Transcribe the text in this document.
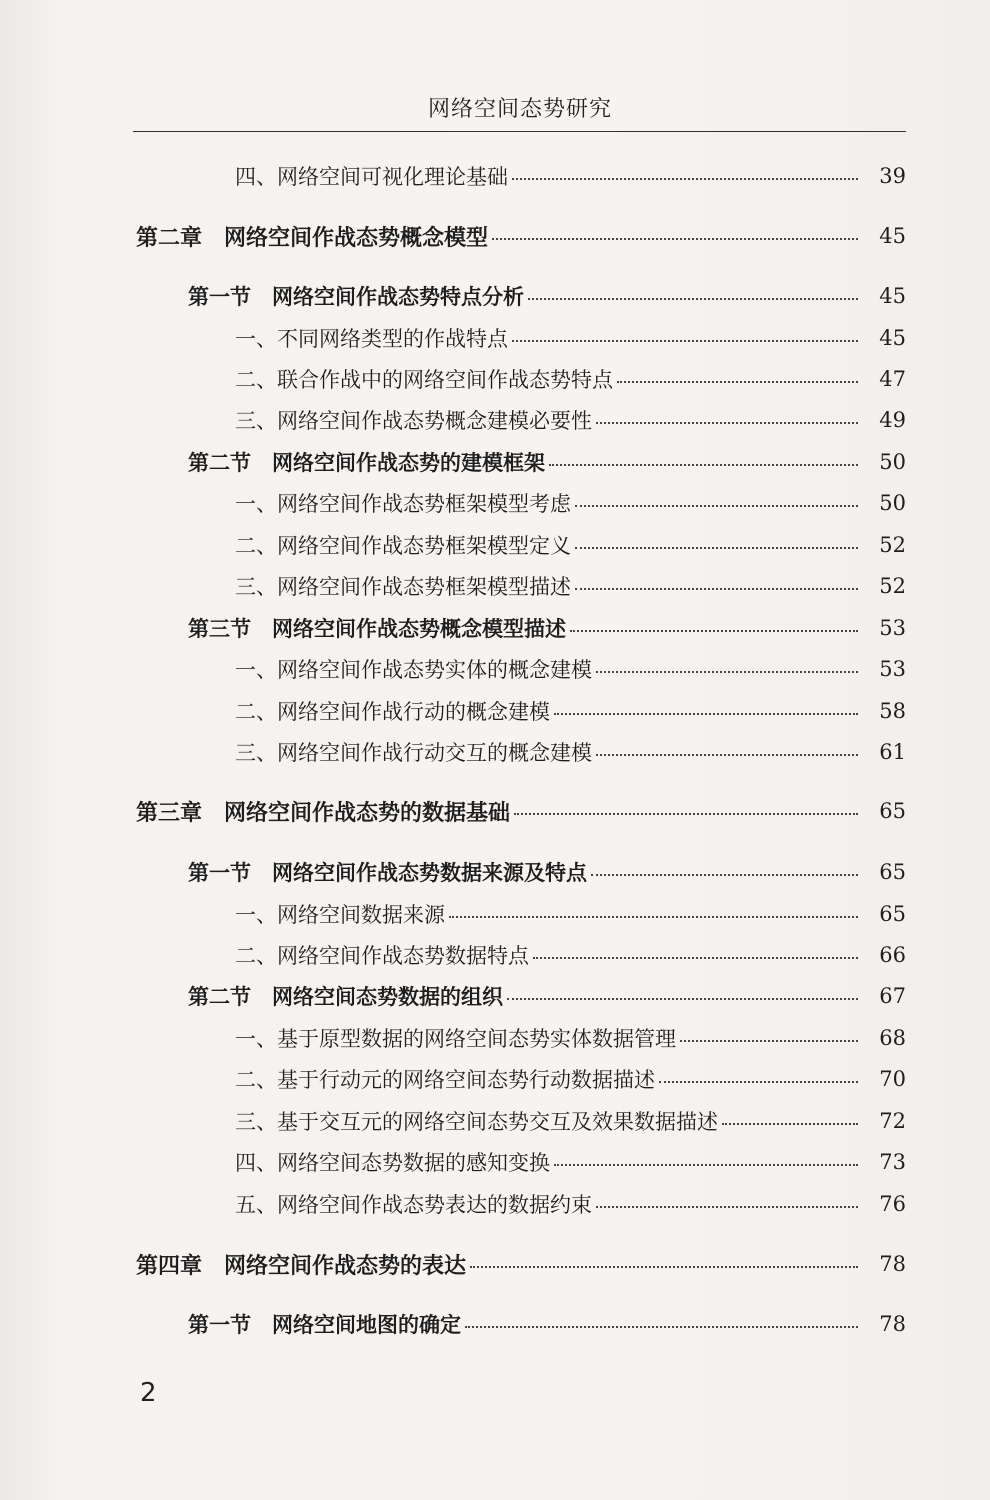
网络空间态势研究
四、网络空间可视化理论基础	39
第二章　网络空间作战态势概念模型	45
第一节　网络空间作战态势特点分析	45
一、不同网络类型的作战特点	45
二、联合作战中的网络空间作战态势特点	47
三、网络空间作战态势概念建模必要性	49
第二节　网络空间作战态势的建模框架	50
一、网络空间作战态势框架模型考虑	50
二、网络空间作战态势框架模型定义	52
三、网络空间作战态势框架模型描述	52
第三节　网络空间作战态势概念模型描述	53
一、网络空间作战态势实体的概念建模	53
二、网络空间作战行动的概念建模	58
三、网络空间作战行动交互的概念建模	61
第三章　网络空间作战态势的数据基础	65
第一节　网络空间作战态势数据来源及特点	65
一、网络空间数据来源	65
二、网络空间作战态势数据特点	66
第二节　网络空间态势数据的组织	67
一、基于原型数据的网络空间态势实体数据管理	68
二、基于行动元的网络空间态势行动数据描述	70
三、基于交互元的网络空间态势交互及效果数据描述	72
四、网络空间态势数据的感知变换	73
五、网络空间作战态势表达的数据约束	76
第四章　网络空间作战态势的表达	78
第一节　网络空间地图的确定	78
2
